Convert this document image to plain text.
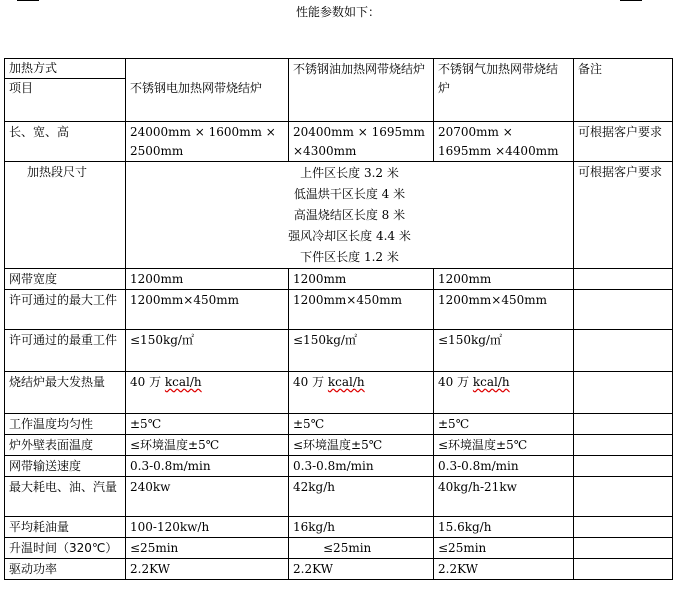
性能参数如下：
加热方式
项目	不锈钢电加热网带烧结炉	不锈钢油加热网带烧结炉	不锈钢气加热网带烧结炉	备注
长、宽、高	24000mm × 1600mm × 2500mm	20400mm × 1695mm ×4300mm	20700mm × 1695mm ×4400mm	可根据客户要求
加热段尺寸	上件区长度 3.2 米
低温烘干区长度 4 米
高温烧结区长度 8 米
强风冷却区长度 4.4 米
下件区长度 1.2 米			可根据客户要求
网带宽度	1200mm	1200mm	1200mm	
许可通过的最大工件	1200mm×450mm	1200mm×450mm	1200mm×450mm	
许可通过的最重工件	≤150kg/㎡	≤150kg/㎡	≤150kg/㎡	
烧结炉最大发热量	40 万 kcal/h	40 万 kcal/h	40 万 kcal/h	
工作温度均匀性	±5℃	±5℃	±5℃	
炉外壁表面温度	≤环境温度±5℃	≤环境温度±5℃	≤环境温度±5℃	
网带输送速度	0.3-0.8m/min	0.3-0.8m/min	0.3-0.8m/min	
最大耗电、油、汽量	240kw	42kg/h	40kg/h-21kw	
平均耗油量	100-120kw/h	16kg/h	15.6kg/h	
升温时间（320℃）	≤25min	≤25min	≤25min	
驱动功率	2.2KW	2.2KW	2.2KW	
